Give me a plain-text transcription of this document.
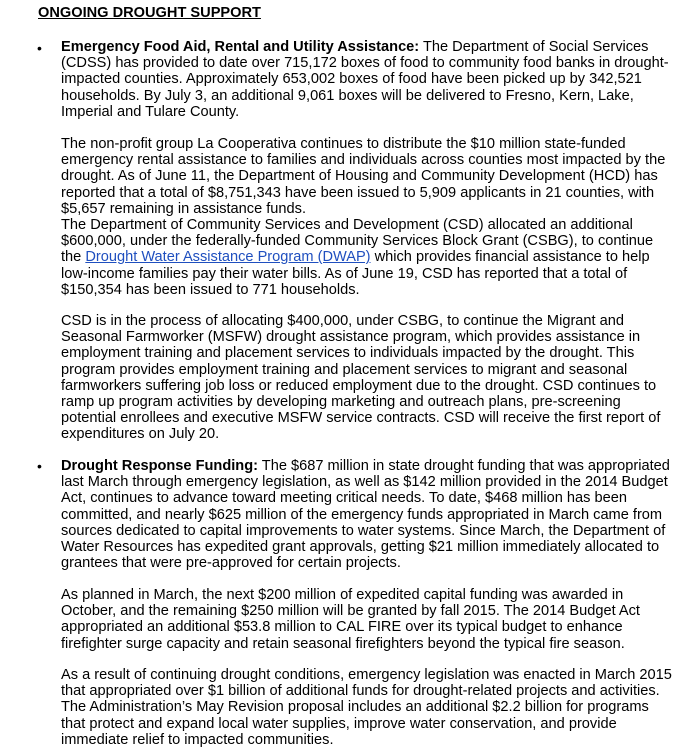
ONGOING DROUGHT SUPPORT
• Emergency Food Aid, Rental and Utility Assistance: The Department of Social Services
(CDSS) has provided to date over 715,172 boxes of food to community food banks in drought-
impacted counties. Approximately 653,002 boxes of food have been picked up by 342,521
households. By July 3, an additional 9,061 boxes will be delivered to Fresno, Kern, Lake,
Imperial and Tulare County.
The non-profit group La Cooperativa continues to distribute the $10 million state-funded
emergency rental assistance to families and individuals across counties most impacted by the
drought. As of June 11, the Department of Housing and Community Development (HCD) has
reported that a total of $8,751,343 have been issued to 5,909 applicants in 21 counties, with
$5,657 remaining in assistance funds.
The Department of Community Services and Development (CSD) allocated an additional
$600,000, under the federally-funded Community Services Block Grant (CSBG), to continue
the Drought Water Assistance Program (DWAP) which provides financial assistance to help
low-income families pay their water bills. As of June 19, CSD has reported that a total of
$150,354 has been issued to 771 households.
CSD is in the process of allocating $400,000, under CSBG, to continue the Migrant and
Seasonal Farmworker (MSFW) drought assistance program, which provides assistance in
employment training and placement services to individuals impacted by the drought. This
program provides employment training and placement services to migrant and seasonal
farmworkers suffering job loss or reduced employment due to the drought. CSD continues to
ramp up program activities by developing marketing and outreach plans, pre-screening
potential enrollees and executive MSFW service contracts. CSD will receive the first report of
expenditures on July 20.
• Drought Response Funding: The $687 million in state drought funding that was appropriated
last March through emergency legislation, as well as $142 million provided in the 2014 Budget
Act, continues to advance toward meeting critical needs. To date, $468 million has been
committed, and nearly $625 million of the emergency funds appropriated in March came from
sources dedicated to capital improvements to water systems. Since March, the Department of
Water Resources has expedited grant approvals, getting $21 million immediately allocated to
grantees that were pre-approved for certain projects.
As planned in March, the next $200 million of expedited capital funding was awarded in
October, and the remaining $250 million will be granted by fall 2015. The 2014 Budget Act
appropriated an additional $53.8 million to CAL FIRE over its typical budget to enhance
firefighter surge capacity and retain seasonal firefighters beyond the typical fire season.
As a result of continuing drought conditions, emergency legislation was enacted in March 2015
that appropriated over $1 billion of additional funds for drought-related projects and activities.
The Administration’s May Revision proposal includes an additional $2.2 billion for programs
that protect and expand local water supplies, improve water conservation, and provide
immediate relief to impacted communities.
